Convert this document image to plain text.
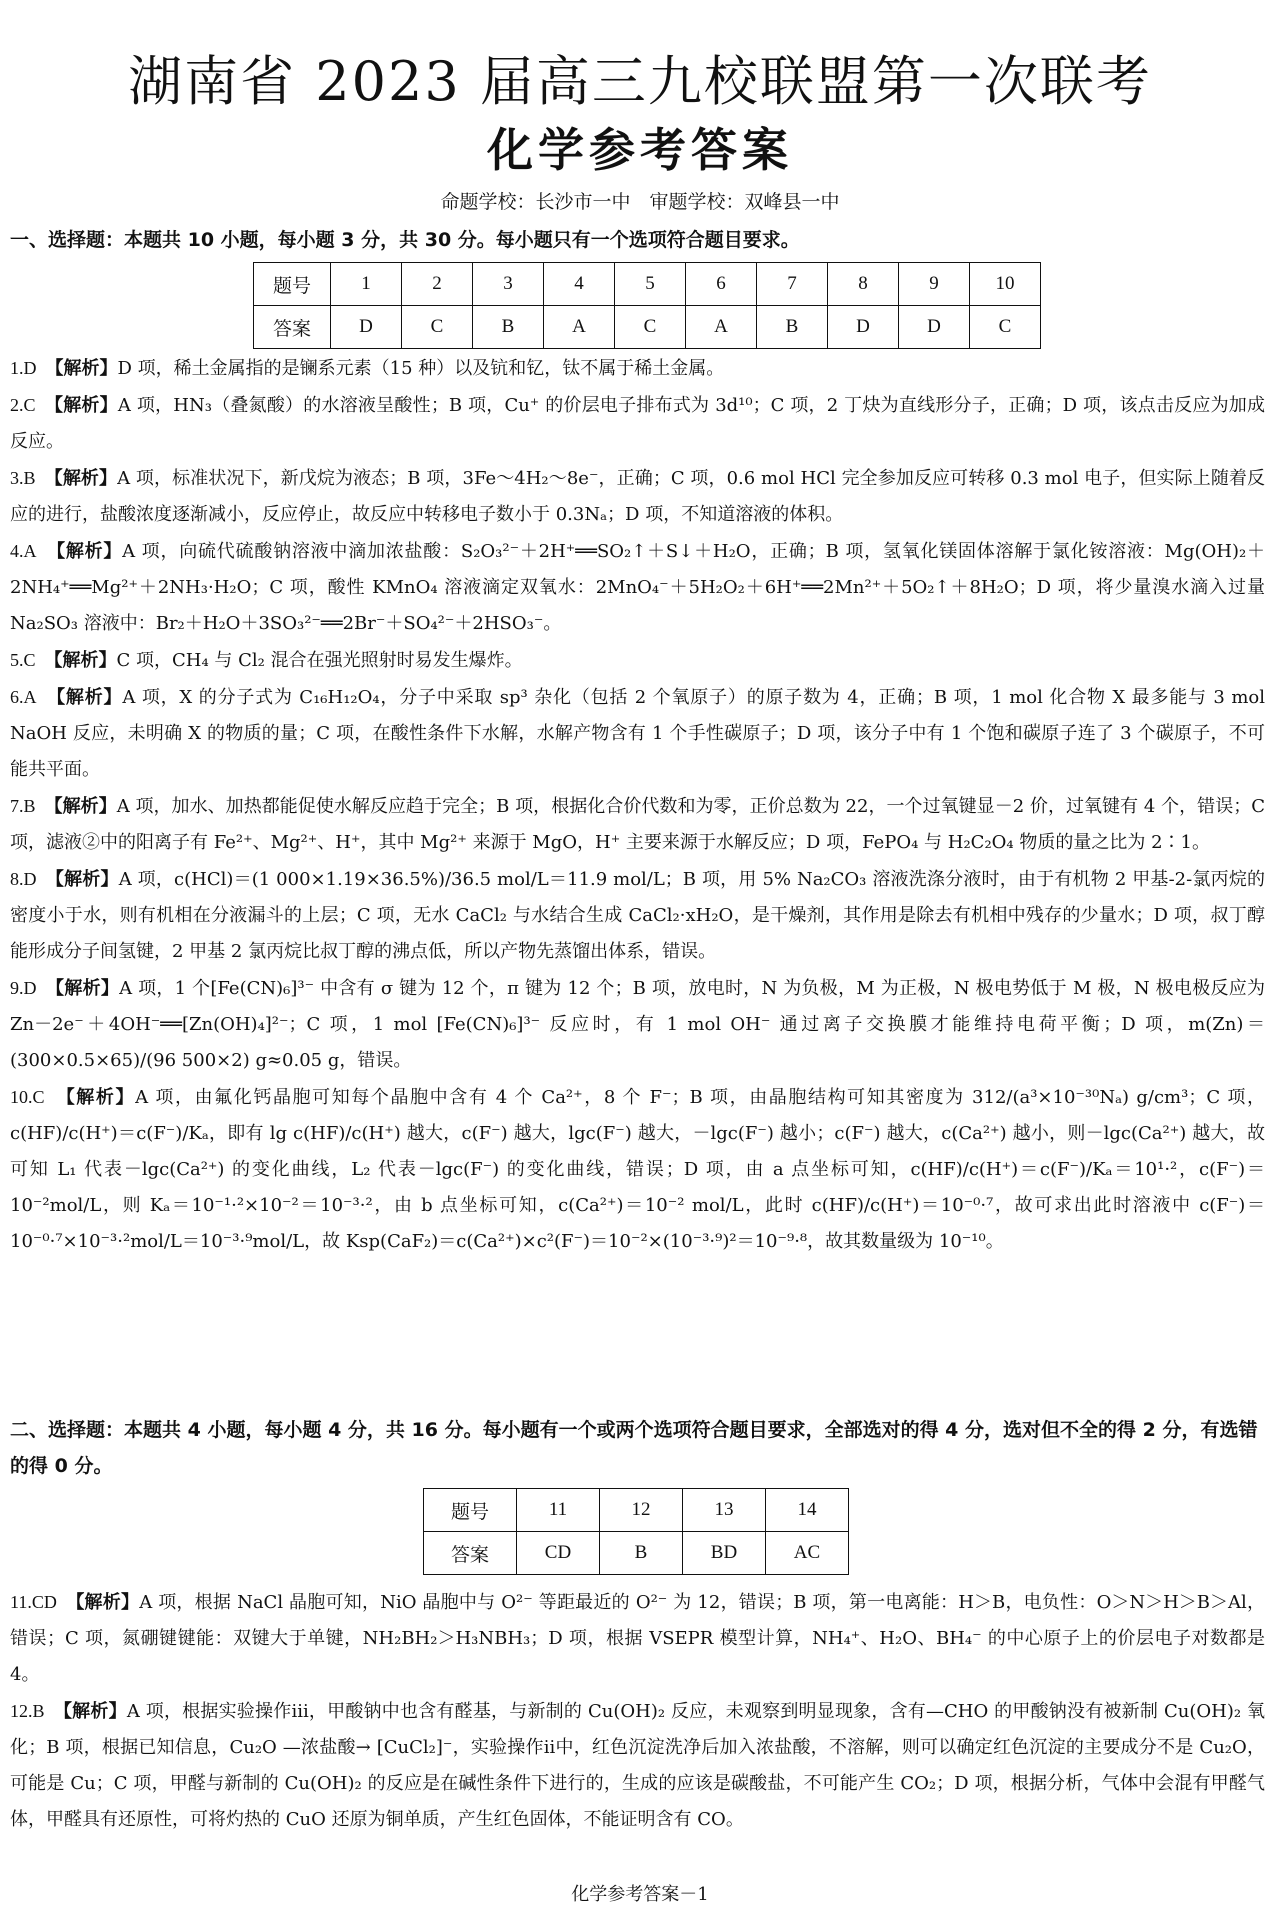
湖南省 2023 届高三九校联盟第一次联考
化学参考答案
命题学校：长沙市一中　审题学校：双峰县一中
一、选择题：本题共 10 小题，每小题 3 分，共 30 分。每小题只有一个选项符合题目要求。
题号	1	2	3	4	5	6	7	8	9	10
答案	D	C	B	A	C	A	B	D	D	C

1.D　 【解析】D 项，稀土金属指的是镧系元素（15 种）以及钪和钇，钛不属于稀土金属。

2.C　 【解析】A 项，HN₃（叠氮酸）的水溶液呈酸性；B 项，Cu⁺ 的价层电子排布式为 3d¹⁰；C 项，2 丁炔为直线形分子，正确；D 项，该点击反应为加成反应。

3.B　 【解析】A 项，标准状况下，新戊烷为液态；B 项，3Fe～4H₂～8e⁻，正确；C 项，0.6 mol HCl 完全参加反应可转移 0.3 mol 电子，但实际上随着反应的进行，盐酸浓度逐渐减小，反应停止，故反应中转移电子数小于 0.3Nₐ；D 项，不知道溶液的体积。

4.A　 【解析】A 项，向硫代硫酸钠溶液中滴加浓盐酸：S₂O₃²⁻＋2H⁺══SO₂↑＋S↓＋H₂O，正确；B 项，氢氧化镁固体溶解于氯化铵溶液：Mg(OH)₂＋2NH₄⁺══Mg²⁺＋2NH₃·H₂O；C 项，酸性 KMnO₄ 溶液滴定双氧水：2MnO₄⁻＋5H₂O₂＋6H⁺══2Mn²⁺＋5O₂↑＋8H₂O；D 项，将少量溴水滴入过量 Na₂SO₃ 溶液中：Br₂＋H₂O＋3SO₃²⁻══2Br⁻＋SO₄²⁻＋2HSO₃⁻。

5.C　 【解析】C 项，CH₄ 与 Cl₂ 混合在强光照射时易发生爆炸。

6.A　 【解析】A 项，X 的分子式为 C₁₆H₁₂O₄，分子中采取 sp³ 杂化（包括 2 个氧原子）的原子数为 4，正确；B 项，1 mol 化合物 X 最多能与 3 mol NaOH 反应，未明确 X 的物质的量；C 项，在酸性条件下水解，水解产物含有 1 个手性碳原子；D 项，该分子中有 1 个饱和碳原子连了 3 个碳原子，不可能共平面。

7.B　 【解析】A 项，加水、加热都能促使水解反应趋于完全；B 项，根据化合价代数和为零，正价总数为 22，一个过氧键显－2 价，过氧键有 4 个，错误；C 项，滤液②中的阳离子有 Fe²⁺、Mg²⁺、H⁺，其中 Mg²⁺ 来源于 MgO，H⁺ 主要来源于水解反应；D 项，FePO₄ 与 H₂C₂O₄ 物质的量之比为 2∶1。

8.D　 【解析】A 项，c(HCl)＝(1 000×1.19×36.5%)/36.5 mol/L＝11.9 mol/L；B 项，用 5% Na₂CO₃ 溶液洗涤分液时，由于有机物 2 甲基-2-氯丙烷的密度小于水，则有机相在分液漏斗的上层；C 项，无水 CaCl₂ 与水结合生成 CaCl₂·xH₂O，是干燥剂，其作用是除去有机相中残存的少量水；D 项，叔丁醇能形成分子间氢键，2 甲基 2 氯丙烷比叔丁醇的沸点低，所以产物先蒸馏出体系，错误。

9.D　 【解析】A 项，1 个[Fe(CN)₆]³⁻ 中含有 σ 键为 12 个，π 键为 12 个；B 项，放电时，N 为负极，M 为正极，N 极电势低于 M 极，N 极电极反应为 Zn－2e⁻＋4OH⁻══[Zn(OH)₄]²⁻；C 项，1 mol [Fe(CN)₆]³⁻ 反应时，有 1 mol OH⁻ 通过离子交换膜才能维持电荷平衡；D 项，m(Zn)＝(300×0.5×65)/(96 500×2) g≈0.05 g，错误。

10.C　 【解析】A 项，由氟化钙晶胞可知每个晶胞中含有 4 个 Ca²⁺，8 个 F⁻；B 项，由晶胞结构可知其密度为 312/(a³×10⁻³⁰Nₐ) g/cm³；C 项，c(HF)/c(H⁺)＝c(F⁻)/Kₐ，即有 lg c(HF)/c(H⁺) 越大，c(F⁻) 越大，lgc(F⁻) 越大，－lgc(F⁻) 越小；c(F⁻) 越大，c(Ca²⁺) 越小，则－lgc(Ca²⁺) 越大，故可知 L₁ 代表－lgc(Ca²⁺) 的变化曲线，L₂ 代表－lgc(F⁻) 的变化曲线，错误；D 项，由 a 点坐标可知，c(HF)/c(H⁺)＝c(F⁻)/Kₐ＝10¹·²，c(F⁻)＝10⁻²mol/L，则 Kₐ＝10⁻¹·²×10⁻²＝10⁻³·²，由 b 点坐标可知，c(Ca²⁺)＝10⁻² mol/L，此时 c(HF)/c(H⁺)＝10⁻⁰·⁷，故可求出此时溶液中 c(F⁻)＝10⁻⁰·⁷×10⁻³·²mol/L＝10⁻³·⁹mol/L，故 Ksp(CaF₂)＝c(Ca²⁺)×c²(F⁻)＝10⁻²×(10⁻³·⁹)²＝10⁻⁹·⁸，故其数量级为 10⁻¹⁰。

二、选择题：本题共 4 小题，每小题 4 分，共 16 分。每小题有一个或两个选项符合题目要求，全部选对的得 4 分，选对但不全的得 2 分，有选错的得 0 分。
题号	11	12	13	14
答案	CD	B	BD	AC

11.CD　 【解析】A 项，根据 NaCl 晶胞可知，NiO 晶胞中与 O²⁻ 等距最近的 O²⁻ 为 12，错误；B 项，第一电离能：H＞B，电负性：O＞N＞H＞B＞Al，错误；C 项，氮硼键键能：双键大于单键，NH₂BH₂＞H₃NBH₃；D 项，根据 VSEPR 模型计算，NH₄⁺、H₂O、BH₄⁻ 的中心原子上的价层电子对数都是 4。

12.B　 【解析】A 项，根据实验操作ⅲ，甲酸钠中也含有醛基，与新制的 Cu(OH)₂ 反应，未观察到明显现象，含有—CHO 的甲酸钠没有被新制 Cu(OH)₂ 氧化；B 项，根据已知信息，Cu₂O —浓盐酸→ [CuCl₂]⁻，实验操作ⅱ中，红色沉淀洗净后加入浓盐酸，不溶解，则可以确定红色沉淀的主要成分不是 Cu₂O，可能是 Cu；C 项，甲醛与新制的 Cu(OH)₂ 的反应是在碱性条件下进行的，生成的应该是碳酸盐，不可能产生 CO₂；D 项，根据分析，气体中会混有甲醛气体，甲醛具有还原性，可将灼热的 CuO 还原为铜单质，产生红色固体，不能证明含有 CO。

化学参考答案－1
